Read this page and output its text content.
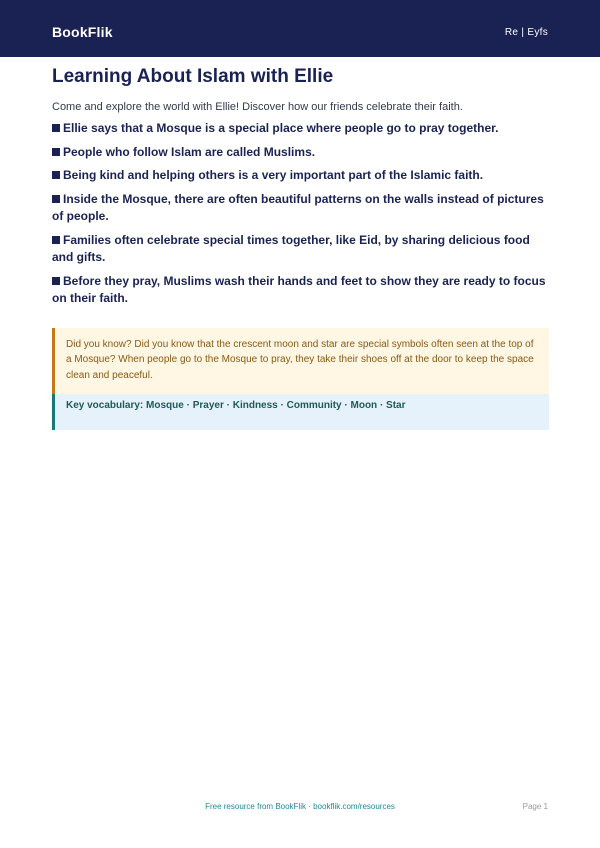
BookFlik	Re | Eyfs
Learning About Islam with Ellie

Come and explore the world with Ellie! Discover how our friends celebrate their faith.

Ellie says that a Mosque is a special place where people go to pray together.
People who follow Islam are called Muslims.
Being kind and helping others is a very important part of the Islamic faith.
Inside the Mosque, there are often beautiful patterns on the walls instead of pictures of people.
Families often celebrate special times together, like Eid, by sharing delicious food and gifts.
Before they pray, Muslims wash their hands and feet to show they are ready to focus on their faith.
Did you know? Did you know that the crescent moon and star are special symbols often seen at the top of a Mosque? When people go to the Mosque to pray, they take their shoes off at the door to keep the space clean and peaceful.
Key vocabulary: Mosque · Prayer · Kindness · Community · Moon · Star
Free resource from BookFlik · bookflik.com/resources	Page 1
